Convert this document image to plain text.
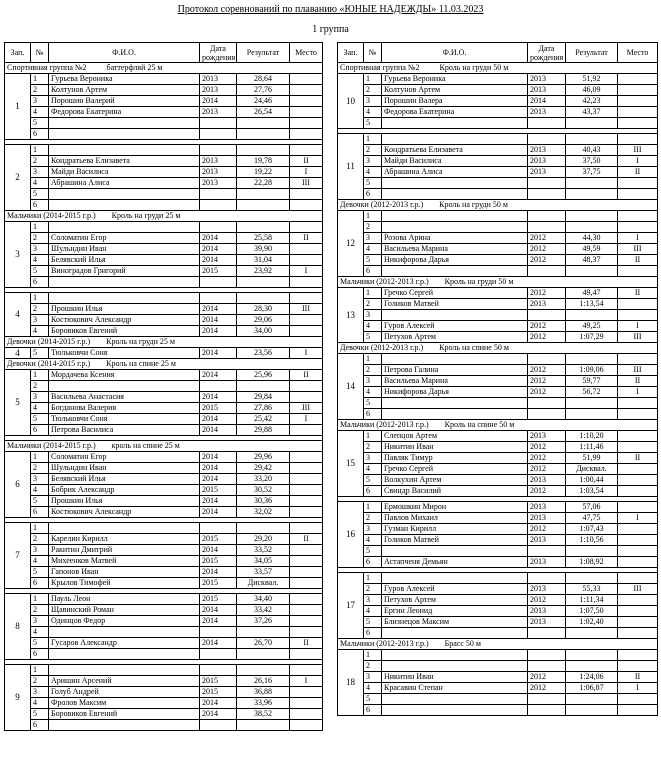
Протокол соревнований по плаванию «ЮНЫЕ НАДЕЖДЫ» 11.03.2023
1 группа
Зап.	№	Ф.И.О.	Дата рождения	Результат	Место
Спортивная группа №2          баттерфляй 25 м					
1	1	Гурьева Вероника	2013	28,64	
	2	Колтунов Артем	2013	27,76	
	3	Порошин Валерий	2014	24,46	
	4	Федорова Екатерина	2013	26,54	
	5				
	6				

2	1				
	2	Кондратьева Елизавета	2013	19,78	II
	3	Майди Василиса	2013	19,22	I
	4	Абрашина Алиса	2013	22,28	III
	5				
	6				
Мальчики (2014-2015 г.р.)        Кроль на груди 25 м					
3	1				
	2	Соломатин Егор	2014	25,58	II
	3	Шульндин Иван	2014	39,90	
	4	Белявский Илья	2014	31,04	
	5	Виноградов Григорий	2015	23,92	I
	6				

4	1				
	2	Прошкин Илья	2014	28,30	III
	3	Костюкович Александр	2014	29,06	
	4	Боровиков Евгений	2014	34,00	
Девочки (2014-2015 г.р.)        Кроль на груди 25 м					
4	5	Тюльковчи Соня	2014	23,56	I
Девочки (2014-2015 г.р.)        Кроль на спине 25 м					
5	1	Мордачева Ксения	2014	25,96	II
	2				
	3	Васильева Анастасия	2014	29,84	
	4	Богданова Валерия	2015	27,86	III
	5	Тюльковчи Соня	2014	25,42	I
	6	Петрова Василиса	2014	29,88	

Мальчики (2014-2015 г.р.)        кроль на спине 25 м					
6	1	Соломатин Егор	2014	29,96	
	2	Шульндин Иван	2014	29,42	
	3	Белявский Илья	2014	33,20	
	4	Бобрик Александр	2015	30,52	
	5	Прошкин Илья	2014	30,36	
	6	Костюкович Александр	2014	32,02	

7	1				
	2	Карелин Кирилл	2015	29,20	II
	3	Ракитин Дмитрий	2014	33,52	
	4	Михеенков Матвей	2015	34,05	
	5	Гапонов Иван	2014	33,57	
	6	Крылов Тимофей	2015	Дисквал.	

8	1	Пауль Леон	2015	34,40	
	2	Щавинский Роман	2014	33,42	
	3	Одинцов Федор	2014	37,26	
	4				
	5	Гусаров Александр	2014	26,70	II
	6				

9	1				
	2	Аришин Арсений	2015	26,16	I
	3	Голуб Андрей	2015	36,88	
	4	Фролов Максим	2014	33,96	
	5	Боровиков Евгений	2014	38,52	
	6				
Зап.	№	Ф.И.О.	Дата рождения	Результат	Место
Спортивная группа №2          Кроль на груди 50 м					
10	1	Гурьева Вероника	2013	51,92	
	2	Колтунов Артем	2013	46,09	
	3	Порошин Валера	2014	42,23	
	4	Федорова Екатерина	2013	43,37	
	5				

11	1				
	2	Кондратьева Елизавета	2013	40,43	III
	3	Майди Василиса	2013	37,50	I
	4	Абрашина Алиса	2013	37,75	II
	5				
	6				
Девочки (2012-2013 г.р.)        Кроль на груди 50 м					
12	1				
	2				
	3	Розова Арина	2012	44,30	I
	4	Васильева Марина	2012	49,59	III
	5	Никифорова Дарья	2012	48,37	II
	6				
Мальчики (2012-2013 г.р.)        Кроль на груди 50 м					
13	1	Гречко Сергей	2012	49,47	II
	2	Голиков Матвей	2013	1:13,54	
	3				
	4	Гуров Алексей	2012	49,25	I
	5	Петухов Артем	2012	1:07,29	III
Девочки (2012-2013 г.р.)        Кроль на спине 50 м					
14	1				
	2	Петрова Галина	2012	1:09,06	III
	3	Васильева Марина	2012	59,77	II
	4	Никифорова Дарья	2012	56,72	I
	5				
	6				
Мальчики (2012-2013 г.р.)        Кроль на спине 50 м					
15	1	Слепцов Артем	2013	1:10,20	
	2	Никитин Иван	2012	1:11,46	
	3	Павляк Тимур	2012	51,99	II
	4	Гречко Сергей	2012	Дисквал.	
	5	Волкухин Артем	2013	1:00,44	
	6	Свиндр Василий	2012	1:03,54	

16	1	Ермошкин Мирон	2013	57,06	
	2	Павлов Михаил	2013	47,75	I
	3	Гузман Кирилл	2012	1:07,43	
	4	Голиков Матвей	2013	1:10,56	
	5				
	6	Астапченя Демьян	2013	1:08,92	

17	1				
	2	Гуров Алексей	2013	55,33	III
	3	Петухов Артем	2012	1:11,34	
	4	Ергин Леонид	2013	1:07,50	
	5	Близнецов Максим	2013	1:02,40	
	6				
Мальчики (2012-2013 г.р.)        Брасс 50 м					
18	1				
	2				
	3	Никитин Иван	2012	1:24,06	II
	4	Красавин Степан	2012	1:06,87	I
	5				
	6				
